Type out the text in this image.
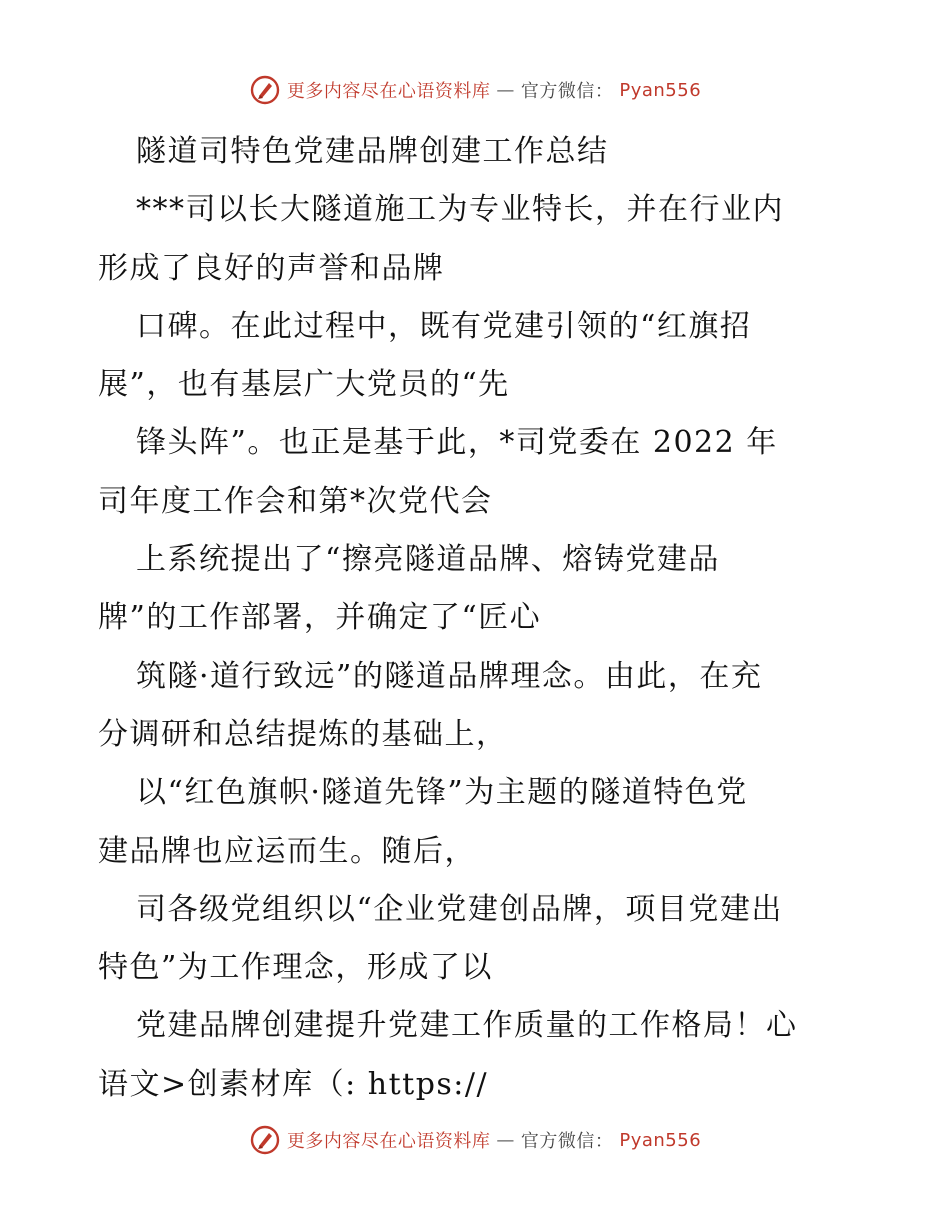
更多内容尽在心语资料库 — 官方微信： Pyan556
隧道司特色党建品牌创建工作总结
***司以长大隧道施工为专业特长，并在行业内
形成了良好的声誉和品牌
口碑。在此过程中，既有党建引领的“红旗招
展”，也有基层广大党员的“先
锋头阵”。也正是基于此，*司党委在 2022 年
司年度工作会和第*次党代会
上系统提出了“擦亮隧道品牌、熔铸党建品
牌”的工作部署，并确定了“匠心
筑隧·道行致远”的隧道品牌理念。由此，在充
分调研和总结提炼的基础上，
以“红色旗帜·隧道先锋”为主题的隧道特色党
建品牌也应运而生。随后，
司各级党组织以“企业党建创品牌，项目党建出
特色”为工作理念，形成了以
党建品牌创建提升党建工作质量的工作格局！心
语文>创素材库（: https://
更多内容尽在心语资料库 — 官方微信： Pyan556
